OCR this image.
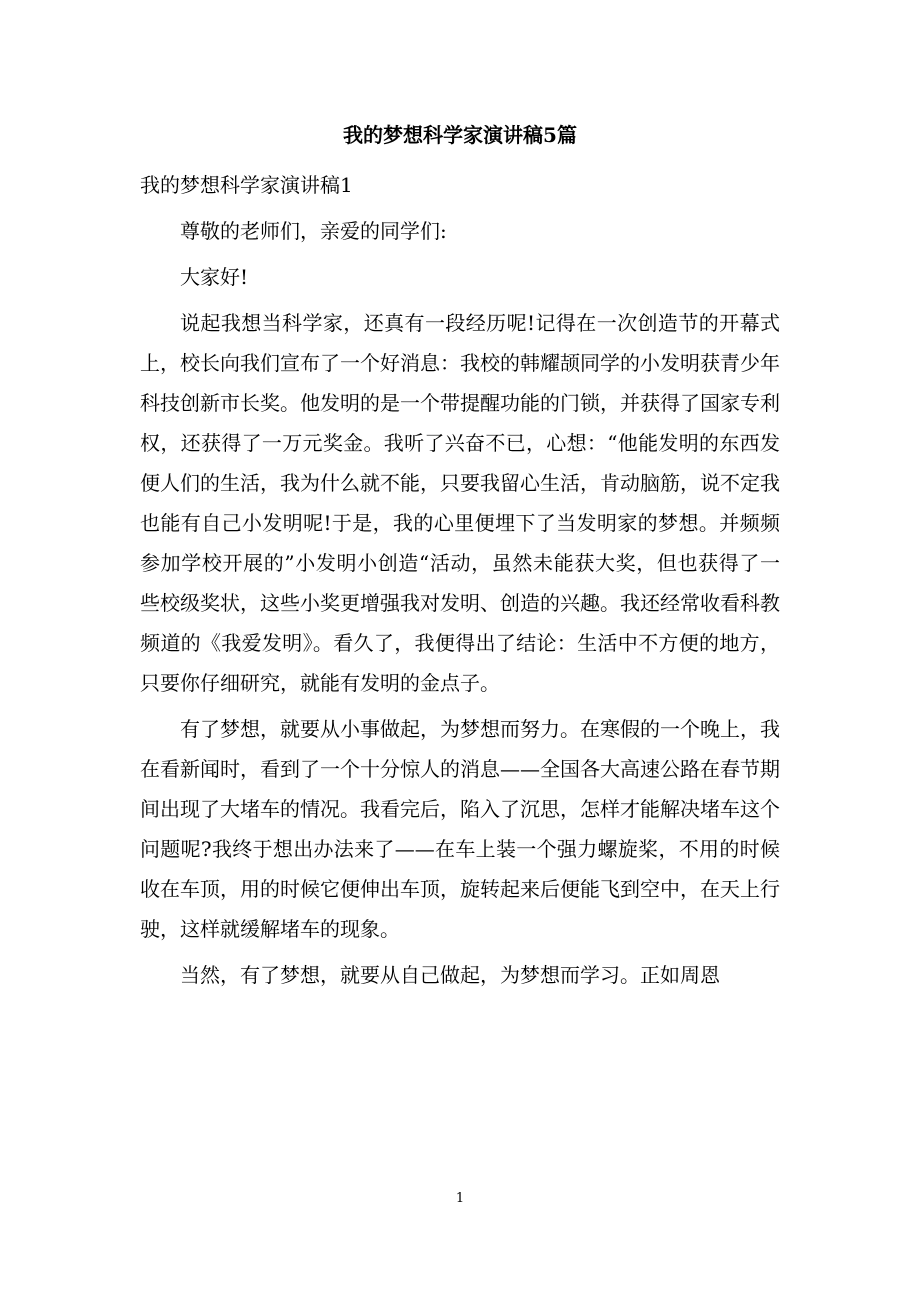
我的梦想科学家演讲稿5篇

我的梦想科学家演讲稿1

尊敬的老师们，亲爱的同学们:

大家好!

说起我想当科学家，还真有一段经历呢!记得在一次创造节的开幕式上，校长向我们宣布了一个好消息：我校的韩耀颉同学的小发明获青少年科技创新市长奖。他发明的是一个带提醒功能的门锁，并获得了国家专利权，还获得了一万元奖金。我听了兴奋不已，心想：“他能发明的东西发便人们的生活，我为什么就不能，只要我留心生活，肯动脑筋，说不定我也能有自己小发明呢!于是，我的心里便埋下了当发明家的梦想。并频频参加学校开展的”小发明小创造“活动，虽然未能获大奖，但也获得了一些校级奖状，这些小奖更增强我对发明、创造的兴趣。我还经常收看科教频道的《我爱发明》。看久了，我便得出了结论：生活中不方便的地方，只要你仔细研究，就能有发明的金点子。

有了梦想，就要从小事做起，为梦想而努力。在寒假的一个晚上，我在看新闻时，看到了一个十分惊人的消息——全国各大高速公路在春节期间出现了大堵车的情况。我看完后，陷入了沉思，怎样才能解决堵车这个问题呢?我终于想出办法来了——在车上装一个强力螺旋桨，不用的时候收在车顶，用的时候它便伸出车顶，旋转起来后便能飞到空中，在天上行驶，这样就缓解堵车的现象。

当然，有了梦想，就要从自己做起，为梦想而学习。正如周恩

1
